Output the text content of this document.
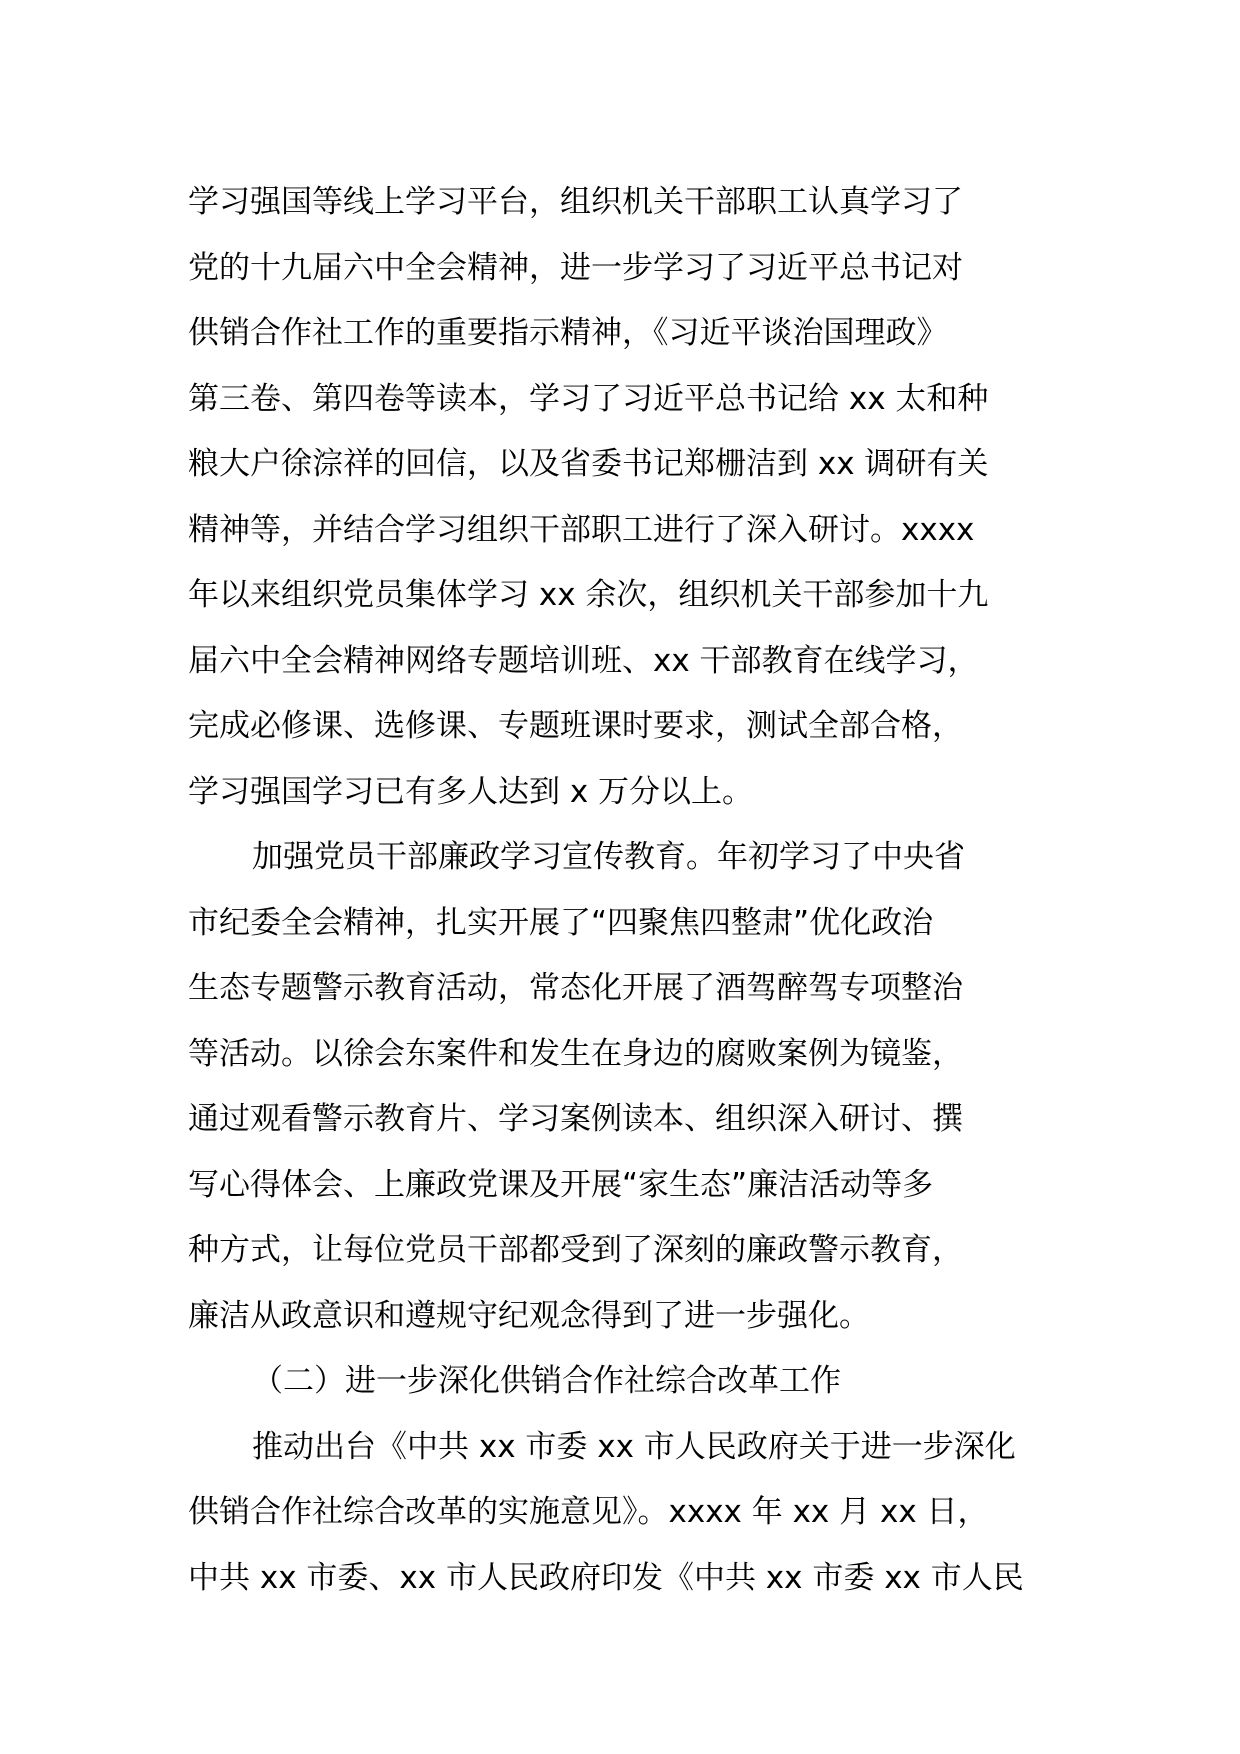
学习强国等线上学习平台，组织机关干部职工认真学习了
党的十九届六中全会精神，进一步学习了习近平总书记对
供销合作社工作的重要指示精神，《习近平谈治国理政》
第三卷、第四卷等读本，学习了习近平总书记给 xx 太和种
粮大户徐淙祥的回信，以及省委书记郑栅洁到 xx 调研有关
精神等，并结合学习组织干部职工进行了深入研讨。xxxx
年以来组织党员集体学习 xx 余次，组织机关干部参加十九
届六中全会精神网络专题培训班、xx 干部教育在线学习，
完成必修课、选修课、专题班课时要求，测试全部合格，
学习强国学习已有多人达到 x 万分以上。
加强党员干部廉政学习宣传教育。年初学习了中央省
市纪委全会精神，扎实开展了“四聚焦四整肃”优化政治
生态专题警示教育活动，常态化开展了酒驾醉驾专项整治
等活动。以徐会东案件和发生在身边的腐败案例为镜鉴，
通过观看警示教育片、学习案例读本、组织深入研讨、撰
写心得体会、上廉政党课及开展“家生态”廉洁活动等多
种方式，让每位党员干部都受到了深刻的廉政警示教育，
廉洁从政意识和遵规守纪观念得到了进一步强化。
（二）进一步深化供销合作社综合改革工作
推动出台《中共 xx 市委 xx 市人民政府关于进一步深化
供销合作社综合改革的实施意见》。xxxx 年 xx 月 xx 日，
中共 xx 市委、xx 市人民政府印发《中共 xx 市委 xx 市人民
